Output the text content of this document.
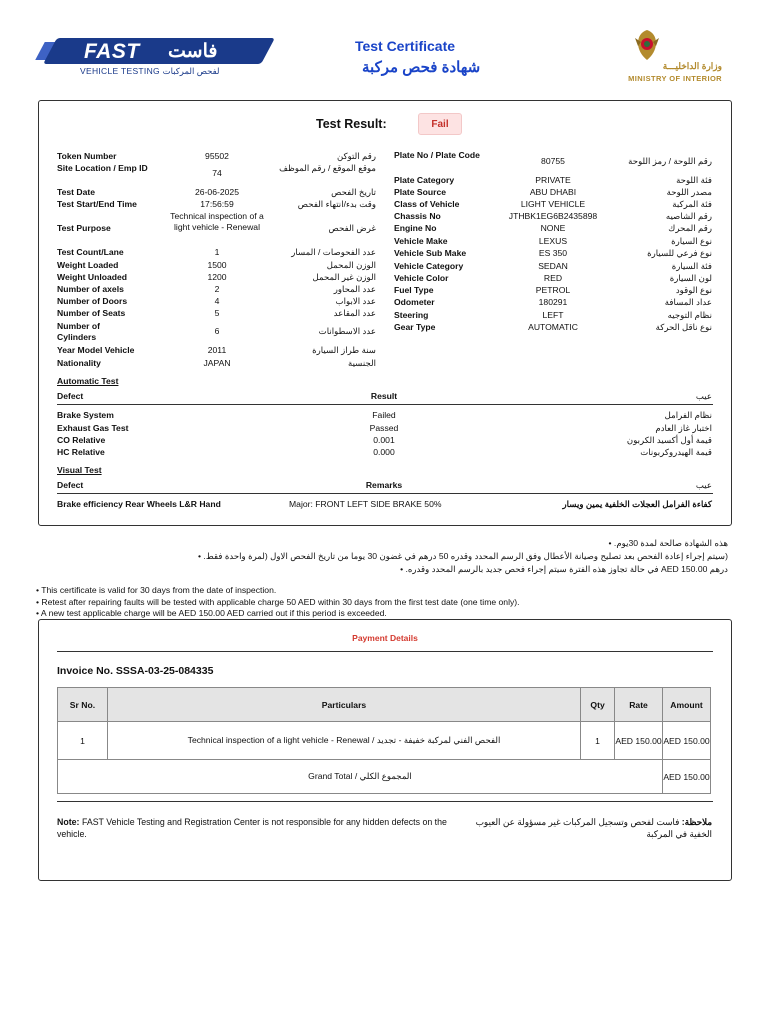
FAST فاست
VEHICLE TESTING لفحص المركبات
Test Certificate
شهادة فحص مركبة	وزارة الداخليـــة
MINISTRY OF INTERIOR
Test Result:	Fail
Token Number	95502	رقم التوكن
Site Location / Emp ID	74	موقع الموقع / رقم الموظف
Test Date	26-06-2025	تاريخ الفحص
Test Start/End Time	17:56:59	وقت بدء/انتهاء الفحص
Test Purpose
Technical inspection of a light vehicle - Renewal	غرض الفحص
Test Count/Lane	1	عدد الفحوصات / المسار
Weight Loaded	1500	الوزن المحمل
Weight Unloaded	1200	الوزن غير المحمل
Number of axels	2	عدد المحاور
Number of Doors	4	عدد الابواب
Number of Seats	5	عدد المقاعد
Number of Cylinders
6	عدد الاسطوانات
Year Model Vehicle	2011	سنة طراز السيارة
Nationality	JAPAN	الجنسية
Plate No / Plate Code
80755	رقم اللوحة / رمز اللوحة
Plate Category	PRIVATE	فئة اللوحة
Plate Source	ABU DHABI	مصدر اللوحة
Class of Vehicle	LIGHT VEHICLE	فئة المركبة
Chassis No	JTHBK1EG6B2435898	رقم الشاصيه
Engine No	NONE	رقم المحرك
Vehicle Make	LEXUS	نوع السيارة
Vehicle Sub Make	ES 350	نوع فرعي للسيارة
Vehicle Category	SEDAN	فئة السيارة
Vehicle Color	RED	لون السيارة
Fuel Type	PETROL	نوع الوقود
Odometer	180291	عداد المسافة
Steering	LEFT	نظام التوجيه
Gear Type	AUTOMATIC	نوع ناقل الحركة
Automatic Test
Defect	Result	عيب
Brake System	Failed	نظام الفرامل
Exhaust Gas Test	Passed	اختبار غاز العادم
CO Relative	0.001	قيمة أول أكسيد الكربون
HC Relative	0.000	قيمة الهيدروكربونات
Visual Test
Defect	Remarks	عيب
Brake efficiency Rear Wheels L&R Hand	Major: FRONT LEFT SIDE BRAKE 50%	كفاءة الفرامل العجلات الخلفية يمين ويسار
هذه الشهادة صالحة لمدة 30يوم. •
(سيتم إجراء إعادة الفحص بعد تصليح وصيانة الأعطال وفق الرسم المحدد وقدره 50 درهم في غضون 30 يوما من تاريخ الفحص الاول (لمرة واحدة فقط. •
درهم AED 150.00 في حالة تجاوز هذه الفترة سيتم إجراء فحص جديد بالرسم المحدد وقدره. •
• This certificate is valid for 30 days from the date of inspection.
• Retest after repairing faults will be tested with applicable charge 50 AED within 30 days from the first test date (one time only).
• A new test applicable charge will be AED 150.00 AED carried out if this period is exceeded.
Payment Details
Invoice No. SSSA-03-25-084335
Sr No.	Particulars	Qty	Rate	Amount
1	Technical inspection of a light vehicle - Renewal / الفحص الفني لمركبة خفيفة - تجديد	1	AED 150.00	AED 150.00
Grand Total / المجموع الكلي				AED 150.00
Note: FAST Vehicle Testing and Registration Center is not responsible for any hidden defects on the vehicle.
ملاحظة: فاست لفحص وتسجيل المركبات غير مسؤولة عن العيوب الخفية في المركبة
